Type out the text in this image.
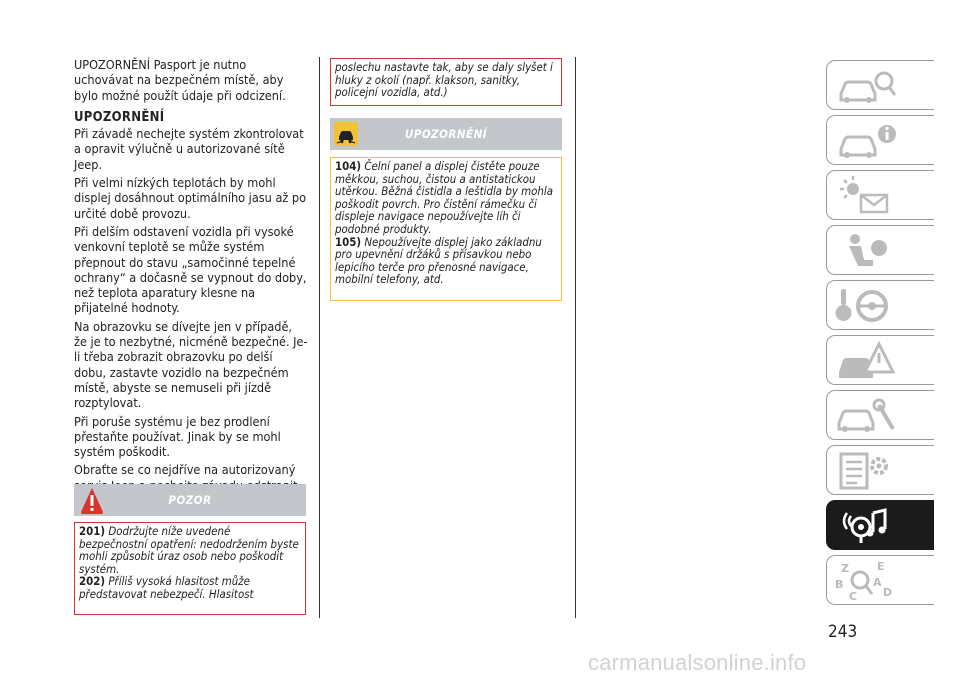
UPOZORNĚNÍ Pasport je nutno uchovávat na bezpečném místě, aby bylo možné použít údaje při odcizení.

UPOZORNĚNÍ

Při závadě nechejte systém zkontrolovat a opravit výlučně u autorizované sítě Jeep.

Při velmi nízkých teplotách by mohl displej dosáhnout optimálního jasu až po určité době provozu.

Při delším odstavení vozidla při vysoké venkovní teplotě se může systém přepnout do stavu „samočinné tepelné ochrany“ a dočasně se vypnout do doby, než teplota aparatury klesne na přijatelné hodnoty.

Na obrazovku se dívejte jen v případě, že je to nezbytné, nicméně bezpečné. Je-li třeba zobrazit obrazovku po delší dobu, zastavte vozidlo na bezpečném místě, abyste se nemuseli při jízdě rozptylovat.

Při poruše systému je bez prodlení přestaňte používat. Jinak by se mohl systém poškodit.

Obraťte se co nejdříve na autorizovaný

POZOR

201) Dodržujte níže uvedené bezpečnostní opatření: nedodržením byste mohli způsobit úraz osob nebo poškodit systém.

202) Příliš vysoká hlasitost může představovat nebezpečí. Hlasitost

poslechu nastavte tak, aby se daly slyšet i hluky z okolí (např. klakson, sanitky, policejní vozidla, atd.)

UPOZORNĚNÍ

104) Čelní panel a displej čistěte pouze měkkou, suchou, čistou a antistatickou utěrkou. Běžná čistidla a leštidla by mohla poškodit povrch. Pro čistění rámečku či displeje navigace nepoužívejte líh či podobné produkty.

105) Nepoužívejte displej jako základnu pro upevnění držáků s přísavkou nebo lepicího terče pro přenosné navigace, mobilní telefony, atd.

Z	E
B	A
C D
243
carmanualsonline.info
